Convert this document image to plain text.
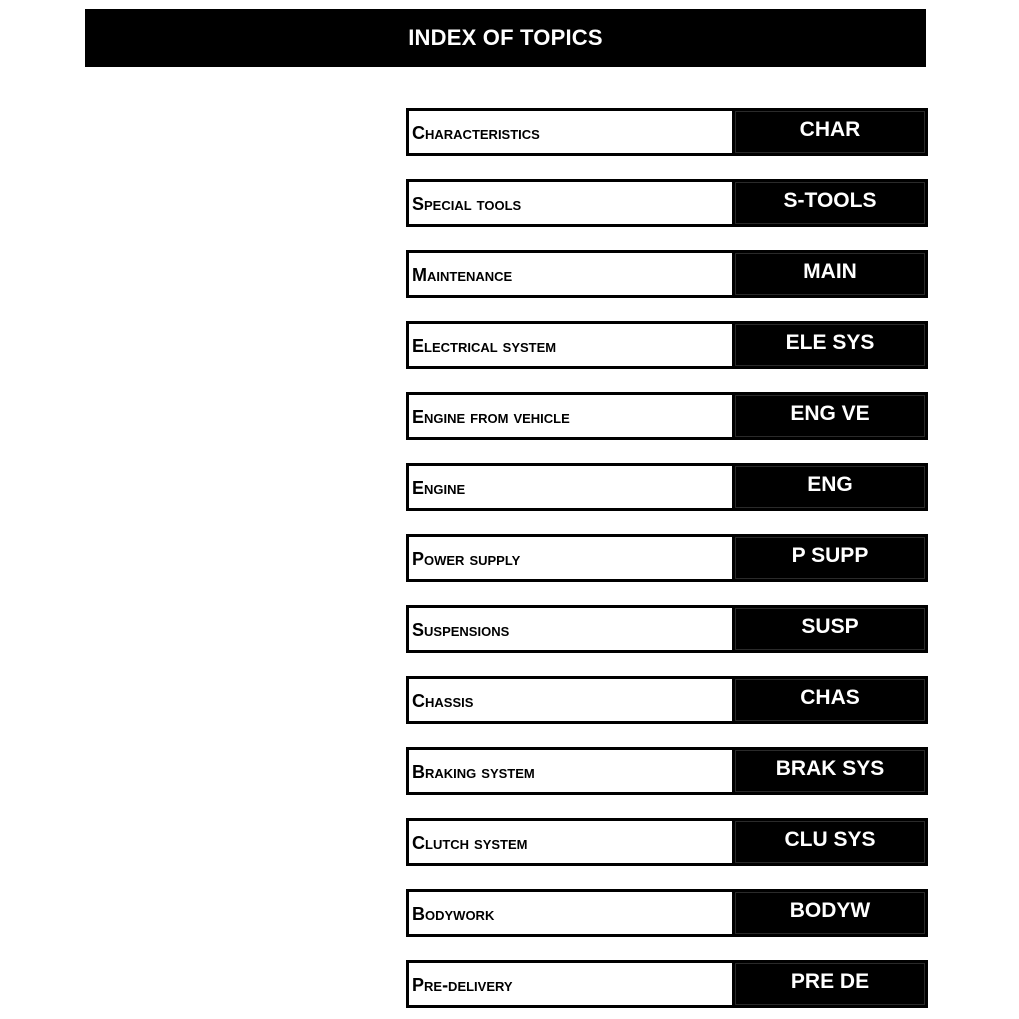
INDEX OF TOPICS
Characteristics	CHAR
Special tools	S-TOOLS
Maintenance	MAIN
Electrical system	ELE SYS
Engine from vehicle	ENG VE
Engine	ENG
Power supply	P SUPP
Suspensions	SUSP
Chassis	CHAS
Braking system	BRAK SYS
Clutch system	CLU SYS
Bodywork	BODYW
Pre-delivery	PRE DE
